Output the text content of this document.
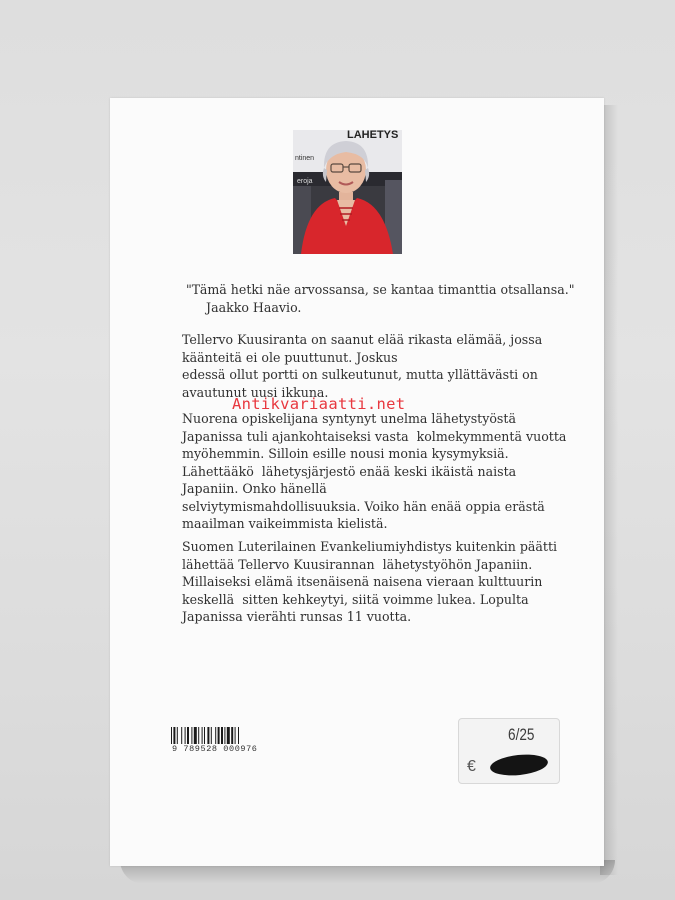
LÄHETYS
ntinen
eroja
"Tämä hetki näe arvossansa, se kantaa timanttia otsallansa."
Jaakko Haavio.
Tellervo Kuusiranta on saanut elää rikasta elämää, jossa
käänteitä ei ole puuttunut. Joskus
edessä ollut portti on sulkeutunut, mutta yllättävästi on
avautunut uusi ikkuna.
Nuorena opiskelijana syntynyt unelma lähetystyöstä
Japanissa tuli ajankohtaiseksi vasta  kolmekymmentä vuotta
myöhemmin. Silloin esille nousi monia kysymyksiä.
Lähettääkö  lähetysjärjestö enää keski ikäistä naista
Japaniin. Onko hänellä
selviytymismahdollisuuksia. Voiko hän enää oppia erästä
maailman vaikeimmista kielistä.
Suomen Luterilainen Evankeliumiyhdistys kuitenkin päätti
lähettää Tellervo Kuusirannan  lähetystyöhön Japaniin.
Millaiseksi elämä itsenäisenä naisena vieraan kulttuurin
keskellä  sitten kehkeytyi, siitä voimme lukea. Lopulta
Japanissa vierähti runsas 11 vuotta.
Antikvariaatti.net
9 789528 000976
6/25
€
